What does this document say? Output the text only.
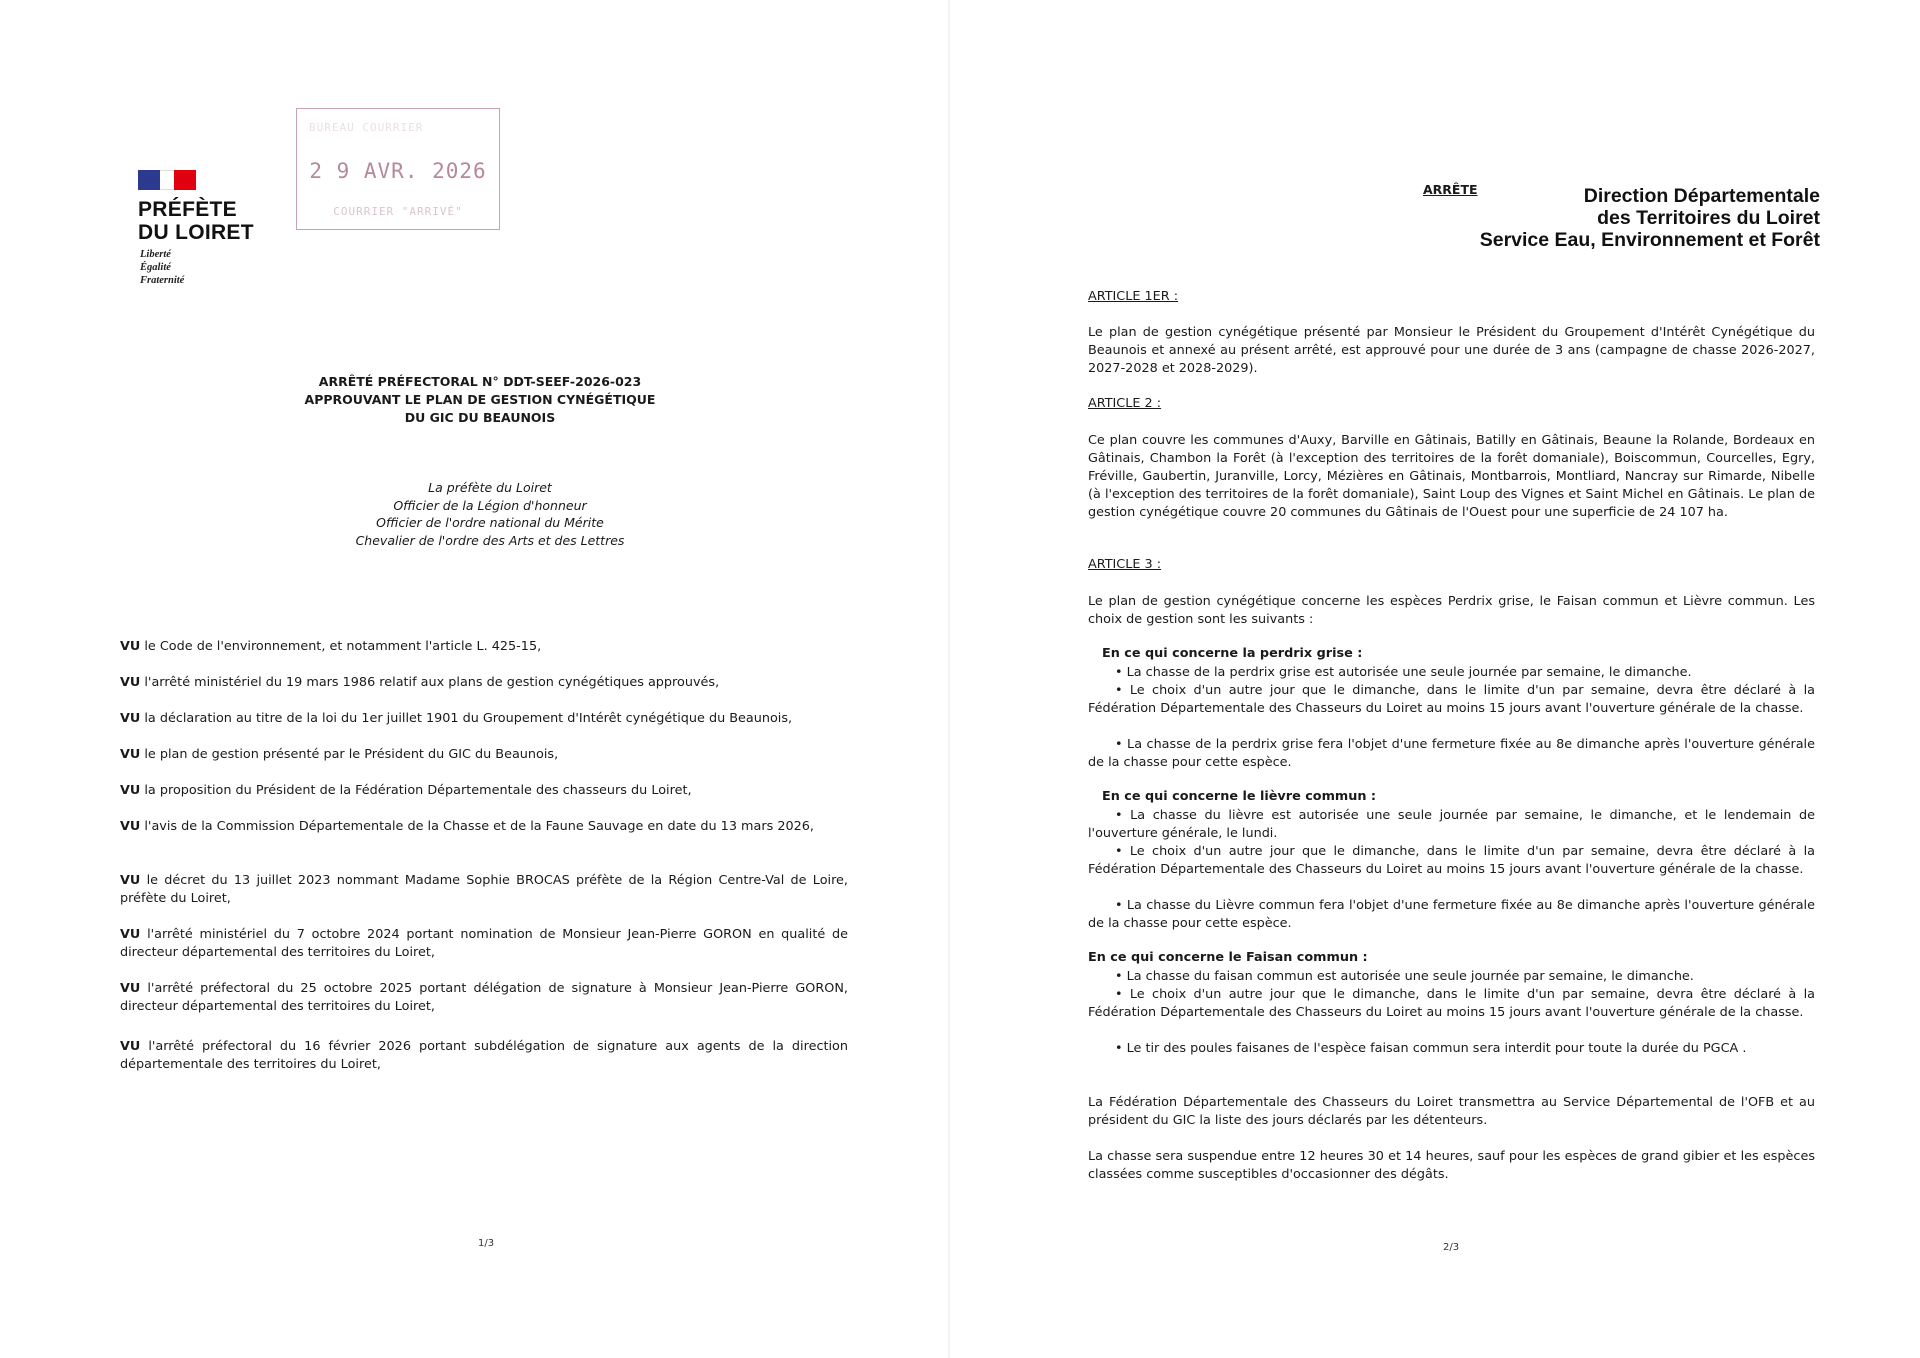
PRÉFÈTE
DU LOIRET
Liberté
Égalité
Fraternité
BUREAU COURRIER
2 9 AVR. 2026
COURRIER "ARRIVÉ"
Direction Départementale
des Territoires du Loiret
Service Eau, Environnement et Forêt
ARRÊTÉ PRÉFECTORAL N° DDT-SEEF-2026-023
APPROUVANT LE PLAN DE GESTION CYNÉGÉTIQUE
DU GIC DU BEAUNOIS
La préfète du Loiret
Officier de la Légion d'honneur
Officier de l'ordre national du Mérite
Chevalier de l'ordre des Arts et des Lettres
VU le Code de l'environnement, et notamment l'article L. 425-15,
VU l'arrêté ministériel du 19 mars 1986 relatif aux plans de gestion cynégétiques approuvés,
VU la déclaration au titre de la loi du 1er juillet 1901 du Groupement d'Intérêt cynégétique du Beaunois,
VU le plan de gestion présenté par le Président du GIC du Beaunois,
VU la proposition du Président de la Fédération Départementale des chasseurs du Loiret,
VU l'avis de la Commission Départementale de la Chasse et de la Faune Sauvage en date du 13 mars 2026,
VU le décret du 13 juillet 2023 nommant Madame Sophie BROCAS préfète de la Région Centre-Val de Loire, préfète du Loiret,
VU l'arrêté ministériel du 7 octobre 2024 portant nomination de Monsieur Jean-Pierre GORON en qualité de directeur départemental des territoires du Loiret,
VU l'arrêté préfectoral du 25 octobre 2025 portant délégation de signature à Monsieur Jean-Pierre GORON, directeur départemental des territoires du Loiret,
VU l'arrêté préfectoral du 16 février 2026 portant subdélégation de signature aux agents de la direction départementale des territoires du Loiret,
1/3
ARRÊTE
ARTICLE 1ER :
Le plan de gestion cynégétique présenté par Monsieur le Président du Groupement d'Intérêt Cynégétique du Beaunois et annexé au présent arrêté, est approuvé pour une durée de 3 ans (campagne de chasse 2026-2027, 2027-2028 et 2028-2029).
ARTICLE 2 :
Ce plan couvre les communes d'Auxy, Barville en Gâtinais, Batilly en Gâtinais, Beaune la Rolande, Bordeaux en Gâtinais, Chambon la Forêt (à l'exception des territoires de la forêt domaniale), Boiscommun, Courcelles, Egry, Fréville, Gaubertin, Juranville, Lorcy, Mézières en Gâtinais, Montbarrois, Montliard, Nancray sur Rimarde, Nibelle (à l'exception des territoires de la forêt domaniale), Saint Loup des Vignes et Saint Michel en Gâtinais. Le plan de gestion cynégétique couvre 20 communes du Gâtinais de l'Ouest pour une superficie de 24 107 ha.
ARTICLE 3 :
Le plan de gestion cynégétique concerne les espèces Perdrix grise, le Faisan commun et Lièvre commun. Les choix de gestion sont les suivants :
En ce qui concerne la perdrix grise :
• La chasse de la perdrix grise est autorisée une seule journée par semaine, le dimanche.
• Le choix d'un autre jour que le dimanche, dans le limite d'un par semaine, devra être déclaré à la Fédération Départementale des Chasseurs du Loiret au moins 15 jours avant l'ouverture générale de la chasse.
• La chasse de la perdrix grise fera l'objet d'une fermeture fixée au 8e dimanche après l'ouverture générale de la chasse pour cette espèce.
En ce qui concerne le lièvre commun :
• La chasse du lièvre est autorisée une seule journée par semaine, le dimanche, et le lendemain de l'ouverture générale, le lundi.
• Le choix d'un autre jour que le dimanche, dans le limite d'un par semaine, devra être déclaré à la Fédération Départementale des Chasseurs du Loiret au moins 15 jours avant l'ouverture générale de la chasse.
• La chasse du Lièvre commun fera l'objet d'une fermeture fixée au 8e dimanche après l'ouverture générale de la chasse pour cette espèce.
En ce qui concerne le Faisan commun :
• La chasse du faisan commun est autorisée une seule journée par semaine, le dimanche.
• Le choix d'un autre jour que le dimanche, dans le limite d'un par semaine, devra être déclaré à la Fédération Départementale des Chasseurs du Loiret au moins 15 jours avant l'ouverture générale de la chasse.
• Le tir des poules faisanes de l'espèce faisan commun sera interdit pour toute la durée du PGCA .
La Fédération Départementale des Chasseurs du Loiret transmettra au Service Départemental de l'OFB et au président du GIC la liste des jours déclarés par les détenteurs.
La chasse sera suspendue entre 12 heures 30 et 14 heures, sauf pour les espèces de grand gibier et les espèces classées comme susceptibles d'occasionner des dégâts.
2/3
